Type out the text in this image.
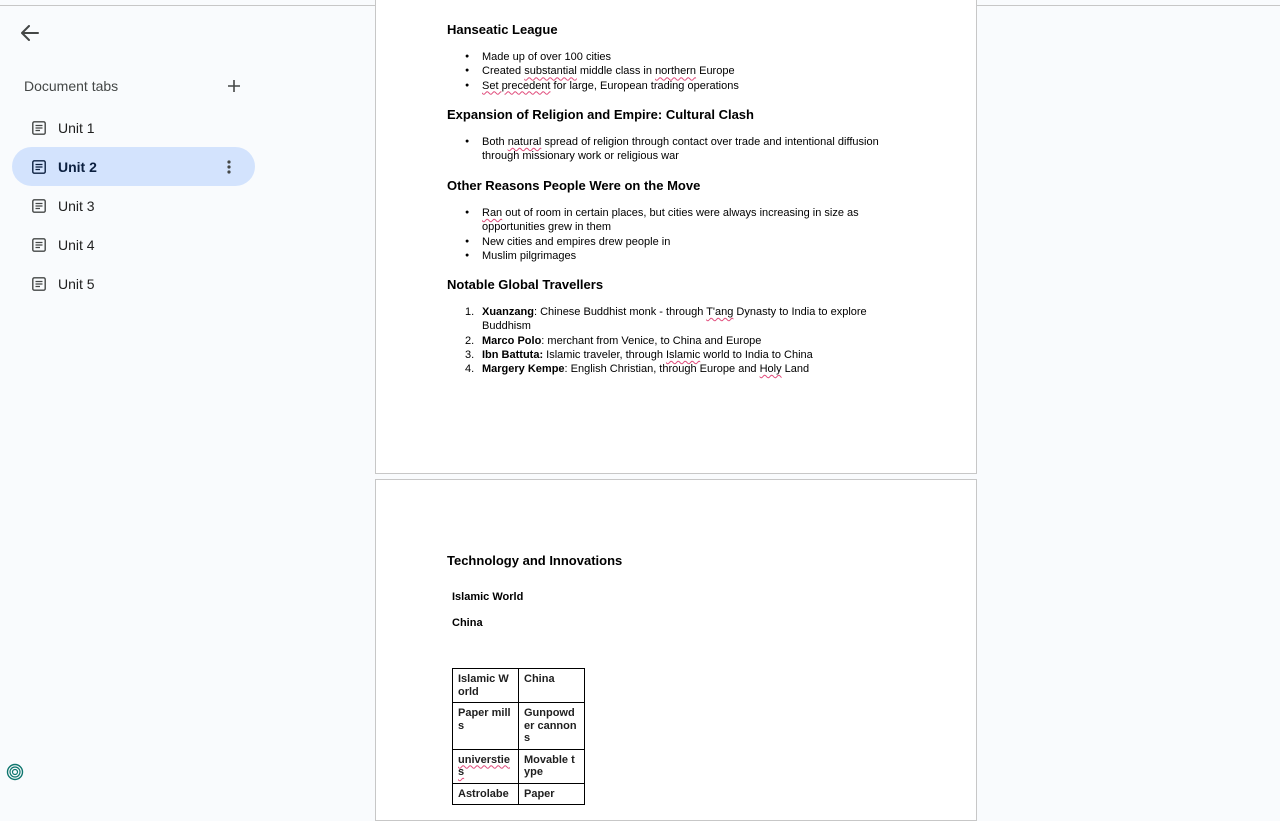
Document tabs
Unit 1
Unit 2
Unit 3
Unit 4
Unit 5
Hanseatic League
● Made up of over 100 cities
● Created substantial middle class in northern Europe
● Set precedent for large, European trading operations
Expansion of Religion and Empire: Cultural Clash
● Both natural spread of religion through contact over trade and intentional diffusion
through missionary work or religious war
Other Reasons People Were on the Move
● Ran out of room in certain places, but cities were always increasing in size as
opportunities grew in them
● New cities and empires drew people in
● Muslim pilgrimages
Notable Global Travellers
1. Xuanzang: Chinese Buddhist monk - through T'ang Dynasty to India to explore
Buddhism
2. Marco Polo: merchant from Venice, to China and Europe
3. Ibn Battuta: Islamic traveler, through Islamic world to India to China
4. Margery Kempe: English Christian, through Europe and Holy Land
Technology and Innovations
Islamic World
China
Islamic World	China
Paper mills	Gunpowder cannons
universties	Movable type
Astrolabe	Paper
